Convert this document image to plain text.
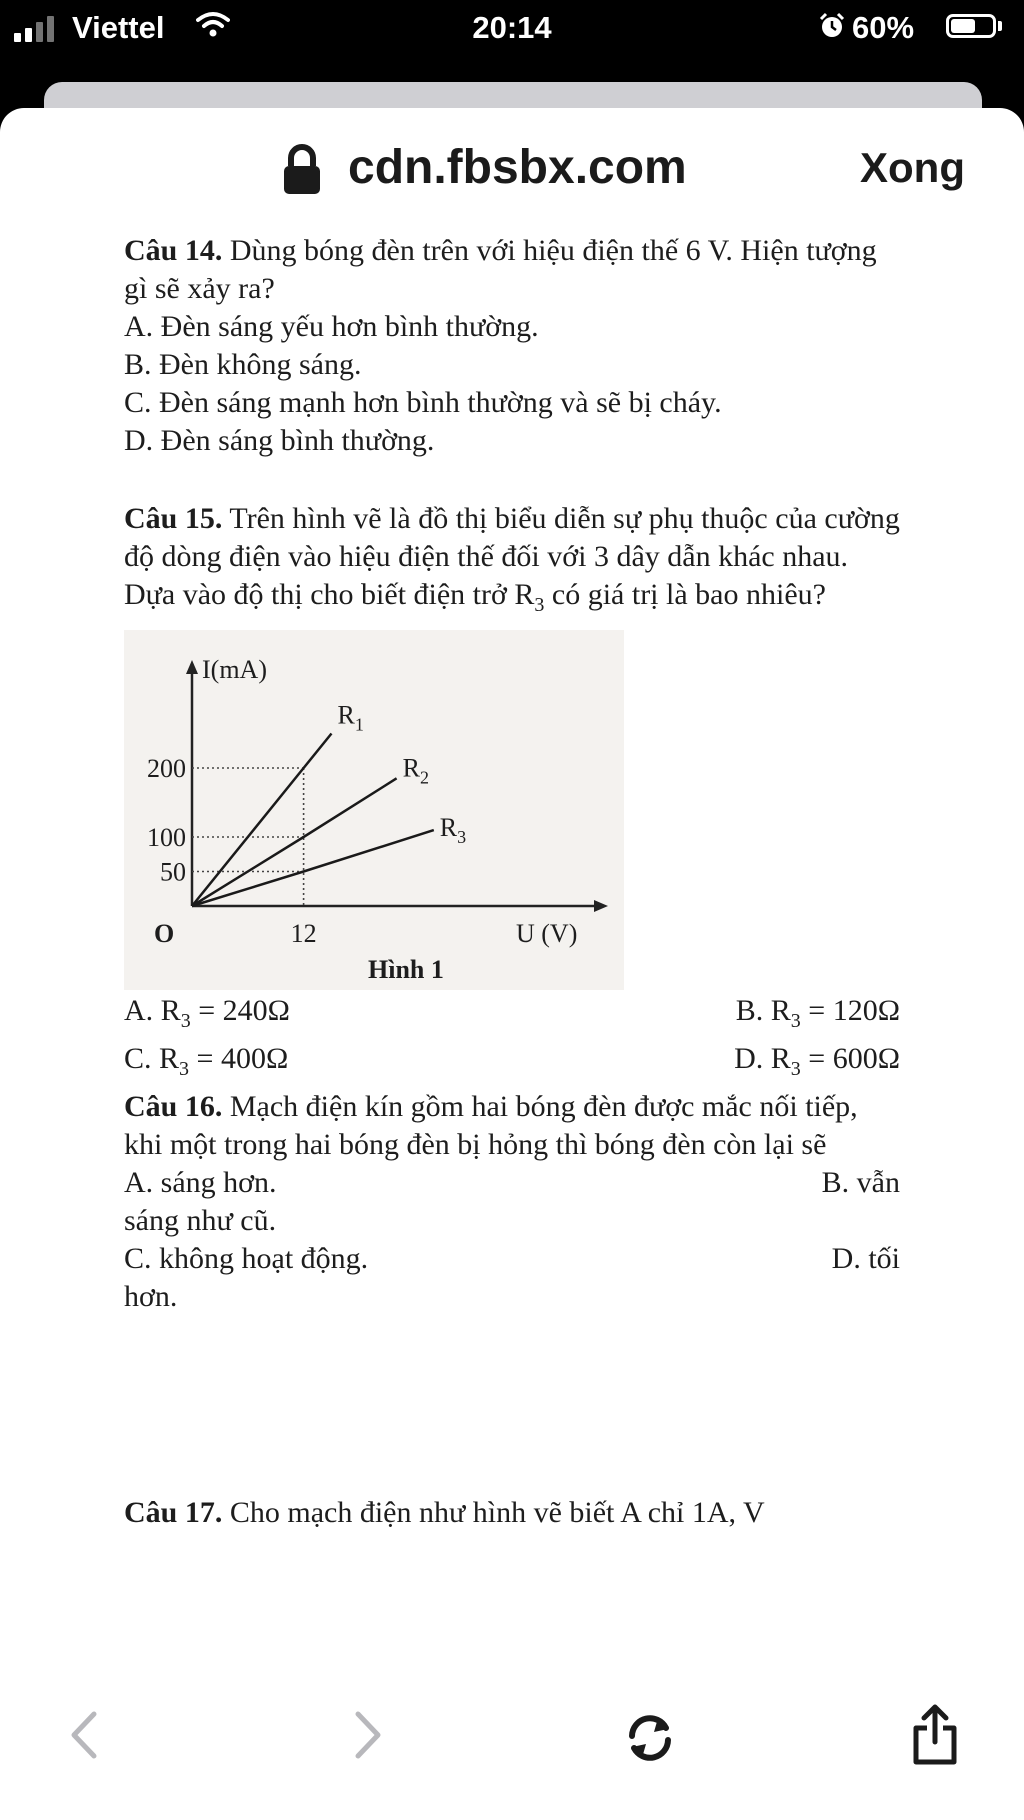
Viettel	20:14	60%
cdn.fbsbx.com	Xong

Câu 14. Dùng bóng đèn trên với hiệu điện thế 6 V. Hiện tượng gì sẽ xảy ra?

A. Đèn sáng yếu hơn bình thường.

B. Đèn không sáng.

C. Đèn sáng mạnh hơn bình thường và sẽ bị cháy.

D. Đèn sáng bình thường.

Câu 15. Trên hình vẽ là đồ thị biểu diễn sự phụ thuộc của cường độ dòng điện vào hiệu điện thế đối với 3 dây dẫn khác nhau. Dựa vào độ thị cho biết điện trở $R_3$ có giá trị là bao nhiêu?

I(mA)
U (V)
O
Hình 1
50
100
200
12
$R_1$
$R_2$
$R_3$
A. $R_3 = 240\Omega$	B. $R_3 = 120\Omega$
C. $R_3 = 400\Omega$	D. $R_3 = 600\Omega$

Câu 16. Mạch điện kín gồm hai bóng đèn được mắc nối tiếp, khi một trong hai bóng đèn bị hỏng thì bóng đèn còn lại sẽ

A. sáng hơn.	B. vẫn

sáng như cũ.

C. không hoạt động.	D. tối

hơn.

Câu 17. Cho mạch điện như hình vẽ biết A chỉ 1A, V
